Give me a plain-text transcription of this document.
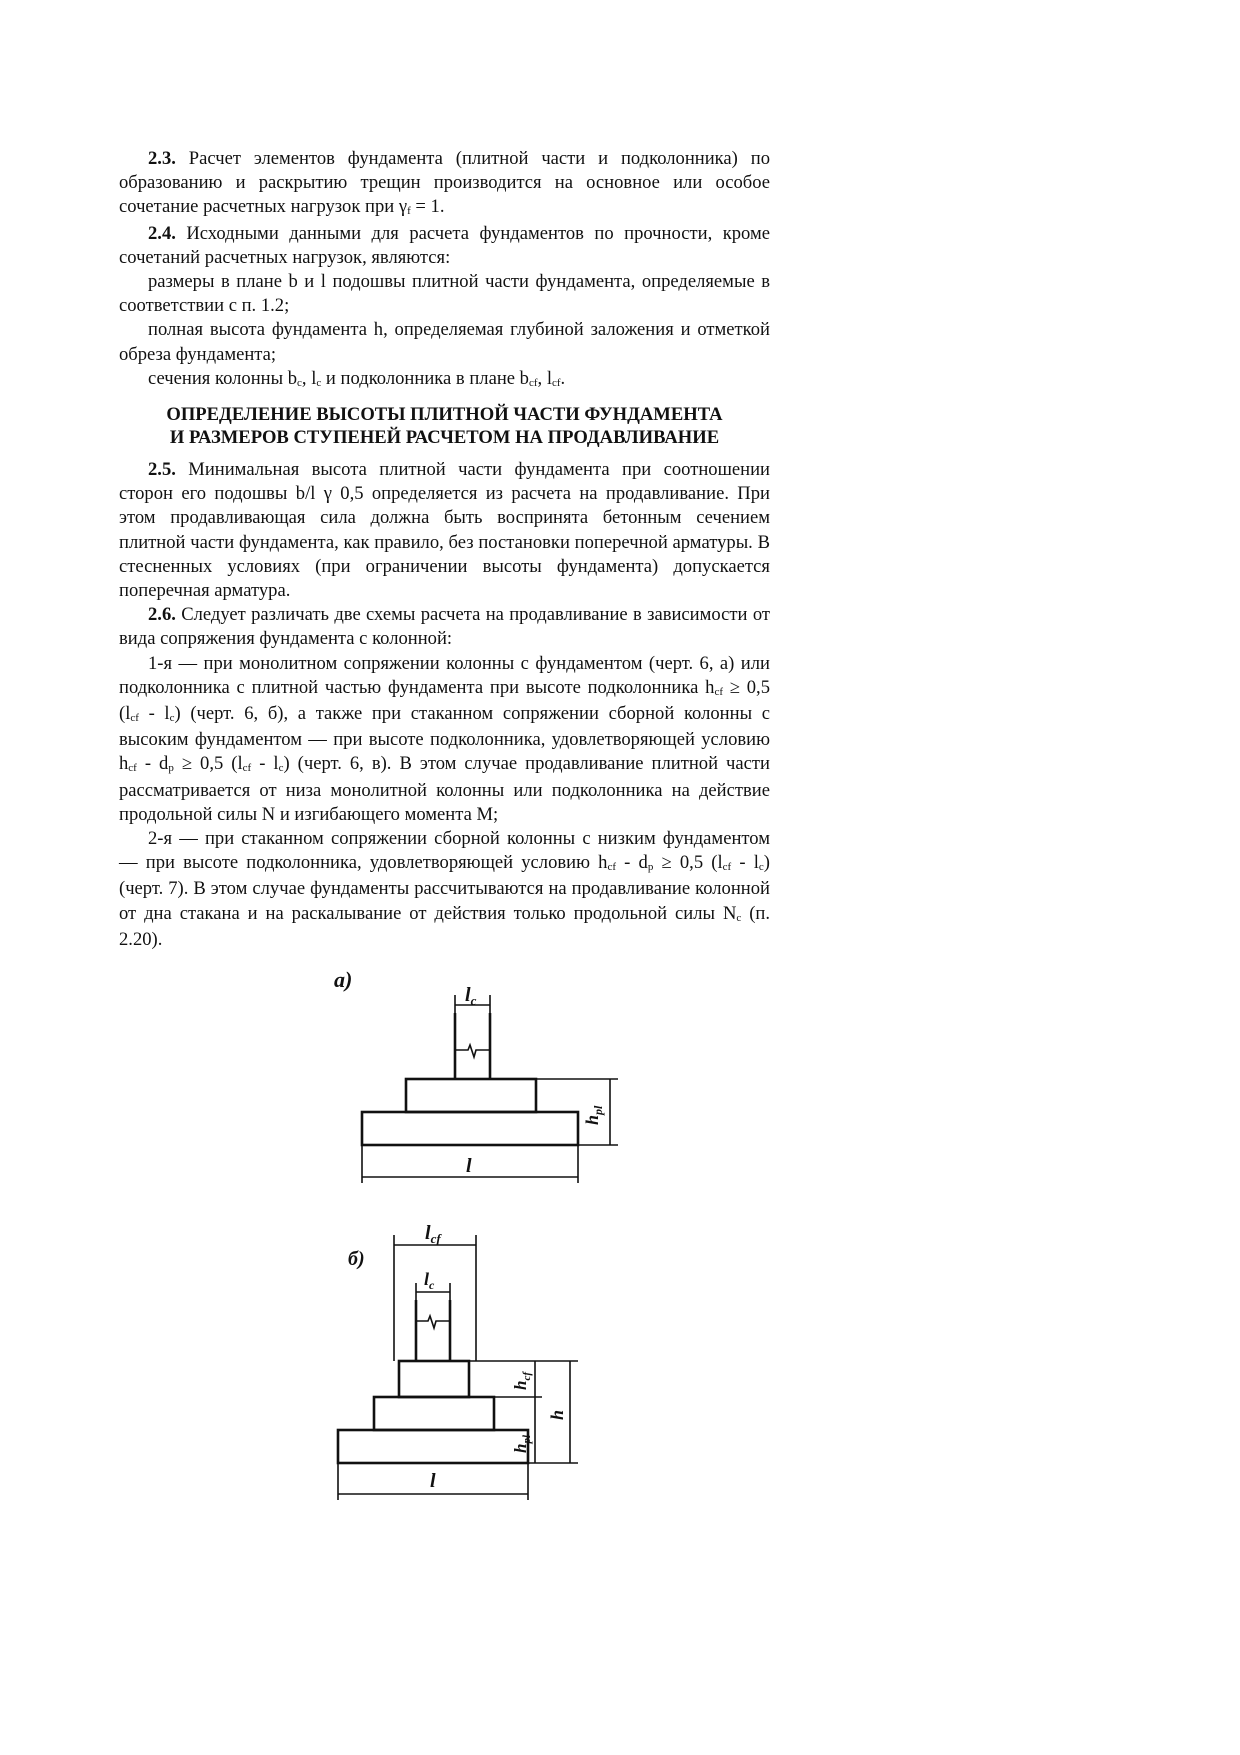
2.3. Расчет элементов фундамента (плитной части и подколонника) по образованию и раскрытию трещин производится на основное или особое сочетание расчетных нагрузок при $\gamma_f = 1$.

2.4. Исходными данными для расчета фундаментов по прочности, кроме сочетаний расчетных нагрузок, являются:

размеры в плане b и l подошвы плитной части фундамента, определяемые в соответствии с п. 1.2;

полная высота фундамента h, определяемая глубиной заложения и отметкой обреза фундамента;

сечения колонны $b_c$, $l_c$ и подколонника в плане $b_{cf}$, $l_{cf}$.

ОПРЕДЕЛЕНИЕ ВЫСОТЫ ПЛИТНОЙ ЧАСТИ ФУНДАМЕНТА
И РАЗМЕРОВ СТУПЕНЕЙ РАСЧЕТОМ НА ПРОДАВЛИВАНИЕ

2.5. Минимальная высота плитной части фундамента при соотношении сторон его подошвы b/l γ 0,5 определяется из расчета на продавливание. При этом продавливающая сила должна быть воспринята бетонным сечением плитной части фундамента, как правило, без постановки поперечной арматуры. В стесненных условиях (при ограничении высоты фундамента) допускается поперечная арматура.

2.6. Следует различать две схемы расчета на продавливание в зависимости от вида сопряжения фундамента с колонной:

1-я — при монолитном сопряжении колонны с фундаментом (черт. 6, а) или подколонника с плитной частью фундамента при высоте подколонника $h_{cf} \ge 0,5$ $(l_{cf} - l_c)$ (черт. 6, б), а также при стаканном сопряжении сборной колонны с высоким фундаментом — при высоте подколонника, удовлетворяющей условию $h_{cf} - d_p \ge 0,5$ $(l_{cf} - l_c)$ (черт. 6, в). В этом случае продавливание плитной части рассматривается от низа монолитной колонны или подколонника на действие продольной силы N и изгибающего момента M;

2-я — при стаканном сопряжении сборной колонны с низким фундаментом — при высоте подколонника, удовлетворяющей условию $h_{cf} - d_p \ge 0,5$ $(l_{cf} - l_c)$ (черт. 7). В этом случае фундаменты рассчитываются на продавливание колонной от дна стакана и на раскалывание от действия только продольной силы $N_c$ (п. 2.20).

а)
$l_c$
$h_{pl}$
l
б)
$l_{cf}$
$l_c$
$h_{cf}$
$h_{pl}$
h
l
